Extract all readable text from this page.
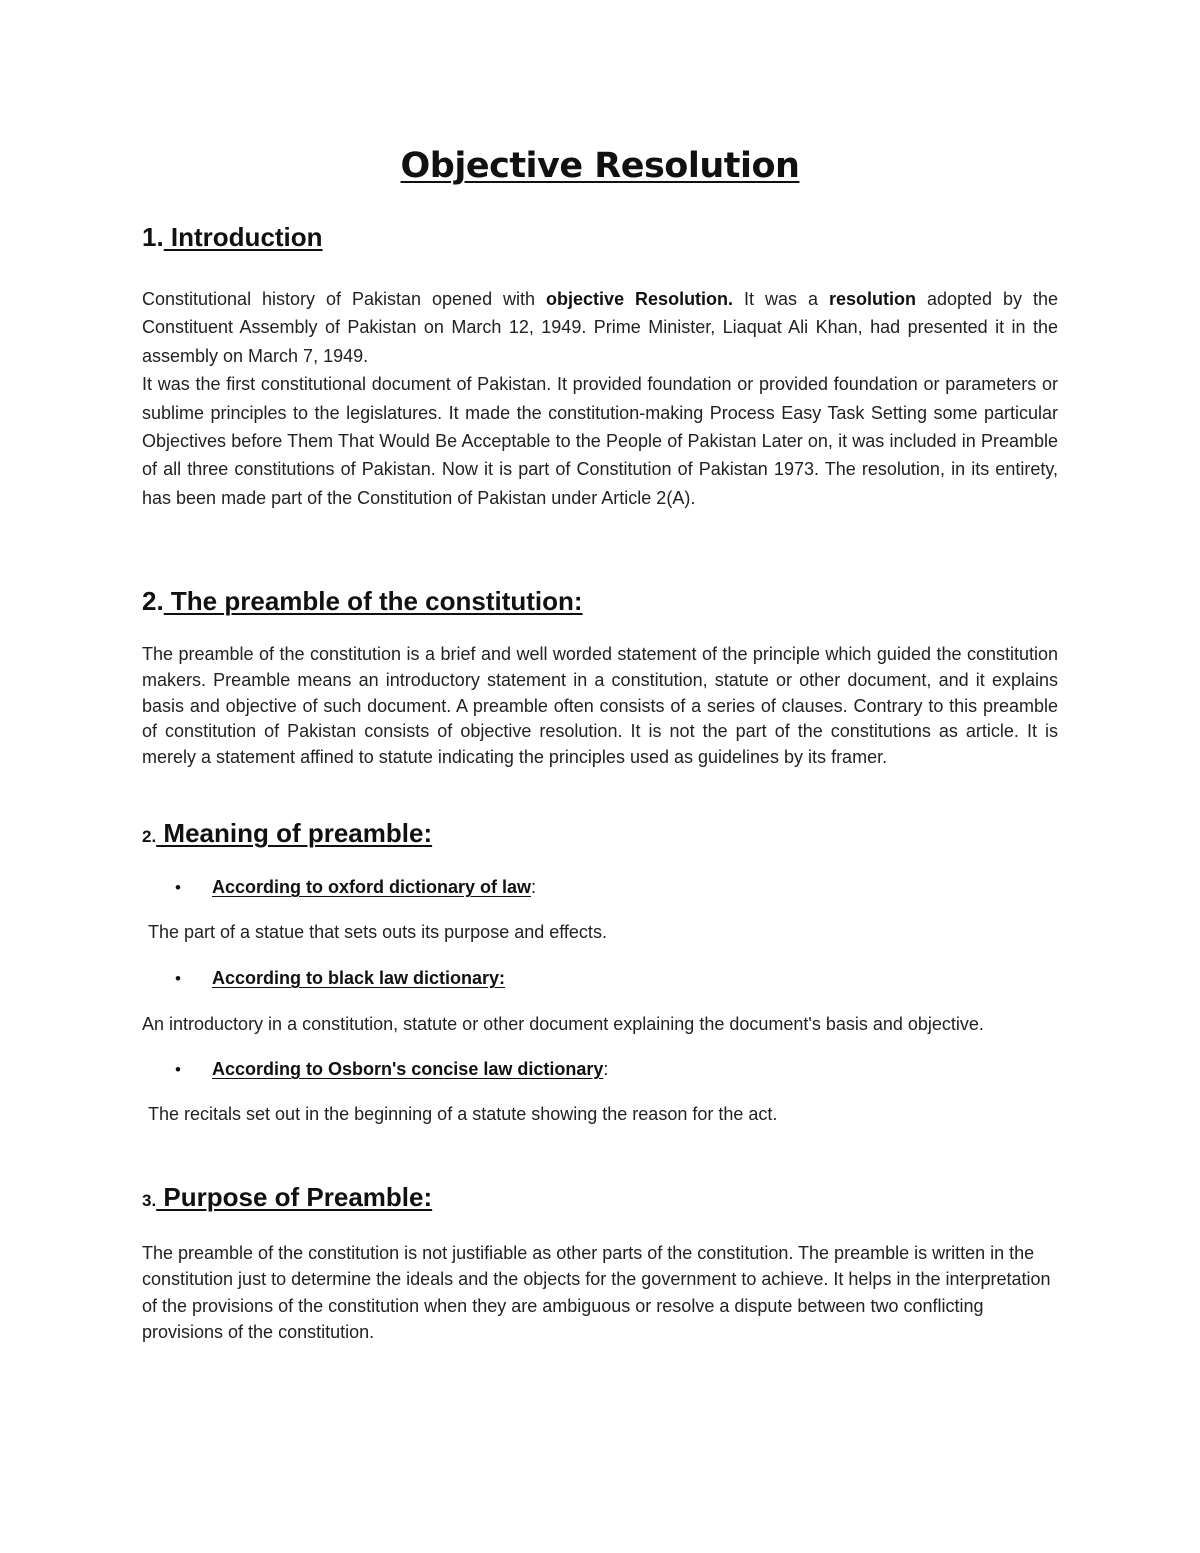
Objective Resolution
1. Introduction
Constitutional history of Pakistan opened with objective Resolution. It was a resolution adopted by the Constituent Assembly of Pakistan on March 12, 1949. Prime Minister, Liaquat Ali Khan, had presented it in the assembly on March 7, 1949.
It was the first constitutional document of Pakistan. It provided foundation or provided foundation or parameters or sublime principles to the legislatures. It made the constitution-making Process Easy Task Setting some particular Objectives before Them That Would Be Acceptable to the People of Pakistan Later on, it was included in Preamble of all three constitutions of Pakistan. Now it is part of Constitution of Pakistan 1973. The resolution, in its entirety, has been made part of the Constitution of Pakistan under Article 2(A).
2. The preamble of the constitution:

The preamble of the constitution is a brief and well worded statement of the principle which guided the constitution makers. Preamble means an introductory statement in a constitution, statute or other document, and it explains basis and objective of such document. A preamble often consists of a series of clauses. Contrary to this preamble of constitution of Pakistan consists of objective resolution. It is not the part of the constitutions as article. It is merely a statement affined to statute indicating the principles used as guidelines by its framer.

2. Meaning of preamble:
• According to oxford dictionary of law:
The part of a statue that sets outs its purpose and effects.
• According to black law dictionary:
An introductory in a constitution, statute or other document explaining the document's basis and objective.
• According to Osborn's concise law dictionary:
The recitals set out in the beginning of a statute showing the reason for the act.
3. Purpose of Preamble:

The preamble of the constitution is not justifiable as other parts of the constitution. The preamble is written in the constitution just to determine the ideals and the objects for the government to achieve. It helps in the interpretation of the provisions of the constitution when they are ambiguous or resolve a dispute between two conflicting provisions of the constitution.
